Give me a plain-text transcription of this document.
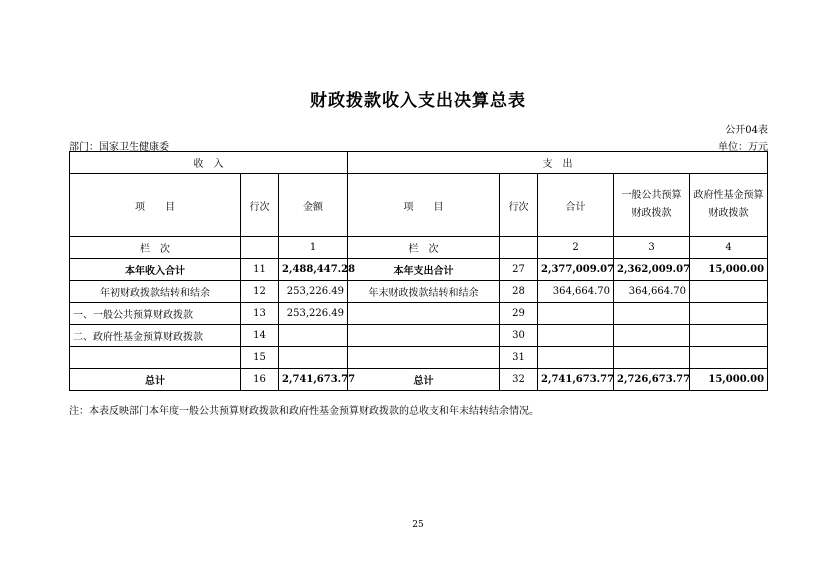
财政拨款收入支出决算总表
公开04表
部门：国家卫生健康委	单位：万元
收　入			支　出				
项　　目	行次	金额	项　　目	行次	合计	一般公共预算财政拨款	政府性基金预算财政拨款
栏　次		1	栏　次		2	3	4
本年收入合计	11	2,488,447.28	本年支出合计	27	2,377,009.07	2,362,009.07	15,000.00
年初财政拨款结转和结余	12	253,226.49	年末财政拨款结转和结余	28	364,664.70	364,664.70	
一、一般公共预算财政拨款	13	253,226.49		29			
二、政府性基金预算财政拨款	14			30			
	15			31			
总计	16	2,741,673.77	总计	32	2,741,673.77	2,726,673.77	15,000.00
注：本表反映部门本年度一般公共预算财政拨款和政府性基金预算财政拨款的总收支和年末结转结余情况。
25
